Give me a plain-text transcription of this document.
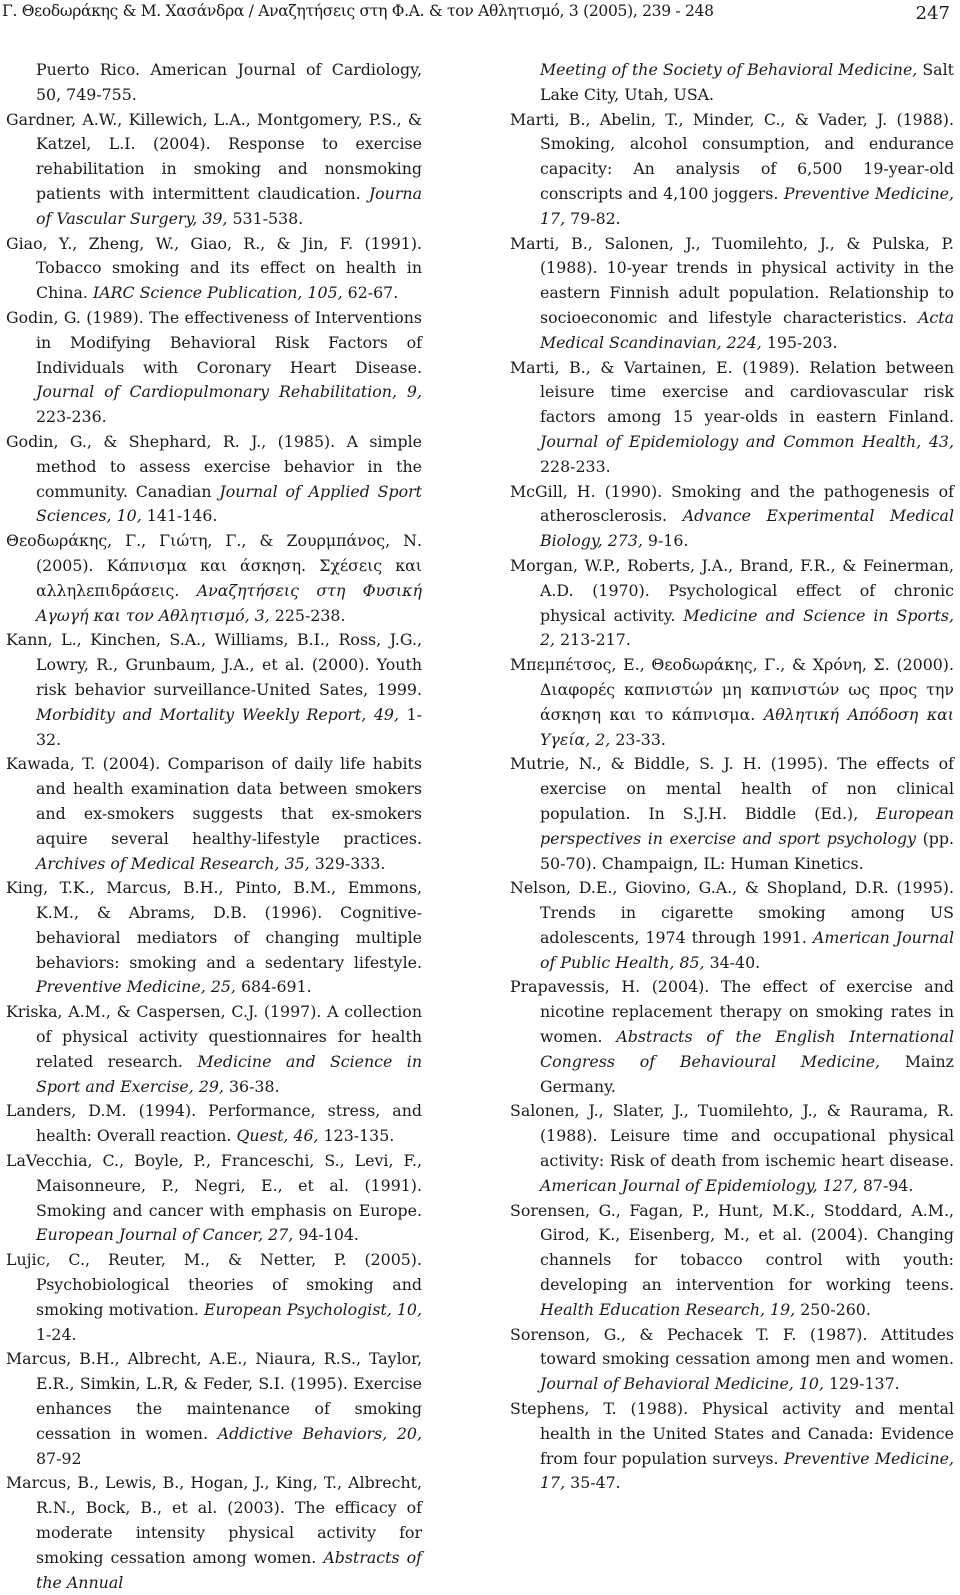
Γ. Θεοδωράκης & Μ. Χασάνδρα / Αναζητήσεις στη Φ.Α. & τον Αθλητισμό, 3 (2005), 239 - 248	247

Puerto Rico. American Journal of Cardiology, 50, 749-755.

Gardner, A.W., Killewich, L.A., Montgomery, P.S., & Katzel, L.I. (2004). Response to exercise rehabilitation in smoking and nonsmoking patients with intermittent claudication. Journa of Vascular Surgery, 39, 531-538.

Giao, Y., Zheng, W., Giao, R., & Jin, F. (1991). Tobacco smoking and its effect on health in China. IARC Science Publication, 105, 62-67.

Godin, G. (1989). The effectiveness of Interventions in Modifying Behavioral Risk Factors of Individuals with Coronary Heart Disease. Journal of Cardiopulmonary Rehabilitation, 9, 223-236.

Godin, G., & Shephard, R. J., (1985). A simple method to assess exercise behavior in the community. Canadian Journal of Applied Sport Sciences, 10, 141-146.

Θεοδωράκης, Γ., Γιώτη, Γ., & Ζουρμπάνος, Ν. (2005). Κάπνισμα και άσκηση. Σχέσεις και αλληλεπιδράσεις. Αναζητήσεις στη Φυσική Αγωγή και τον Αθλητισμό, 3, 225-238.

Kann, L., Kinchen, S.A., Williams, B.I., Ross, J.G., Lowry, R., Grunbaum, J.A., et al. (2000). Youth risk behavior surveillance-United Sates, 1999. Morbidity and Mortality Weekly Report, 49, 1-32.

Kawada, T. (2004). Comparison of daily life habits and health examination data between smokers and ex-smokers suggests that ex-smokers aquire several healthy-lifestyle practices. Archives of Medical Research, 35, 329-333.

King, T.K., Marcus, B.H., Pinto, B.M., Emmons, K.M., & Abrams, D.B. (1996). Cognitive-behavioral mediators of changing multiple behaviors: smoking and a sedentary lifestyle. Preventive Medicine, 25, 684-691.

Kriska, A.M., & Caspersen, C.J. (1997). A collection of physical activity questionnaires for health related research. Medicine and Science in Sport and Exercise, 29, 36-38.

Landers, D.M. (1994). Performance, stress, and health: Overall reaction. Quest, 46, 123-135.

LaVecchia, C., Boyle, P., Franceschi, S., Levi, F., Maisonneure, P., Negri, E., et al. (1991). Smoking and cancer with emphasis on Europe. European Journal of Cancer, 27, 94-104.

Lujic, C., Reuter, M., & Netter, P. (2005). Psychobiological theories of smoking and smoking motivation. European Psychologist, 10, 1-24.

Marcus, B.H., Albrecht, A.E., Niaura, R.S., Taylor, E.R., Simkin, L.R, & Feder, S.I. (1995). Exercise enhances the maintenance of smoking cessation in women. Addictive Behaviors, 20, 87-92

Marcus, B., Lewis, B., Hogan, J., King, T., Albrecht, R.N., Bock, B., et al. (2003). The efficacy of moderate intensity physical activity for smoking cessation among women. Abstracts of the Annual

Meeting of the Society of Behavioral Medicine, Salt Lake City, Utah, USA.

Marti, B., Abelin, T., Minder, C., & Vader, J. (1988). Smoking, alcohol consumption, and endurance capacity: An analysis of 6,500 19-year-old conscripts and 4,100 joggers. Preventive Medicine, 17, 79-82.

Marti, B., Salonen, J., Tuomilehto, J., & Pulska, P. (1988). 10-year trends in physical activity in the eastern Finnish adult population. Relationship to socioeconomic and lifestyle characteristics. Acta Medical Scandinavian, 224, 195-203.

Marti, B., & Vartainen, E. (1989). Relation between leisure time exercise and cardiovascular risk factors among 15 year-olds in eastern Finland. Journal of Epidemiology and Common Health, 43, 228-233.

McGill, H. (1990). Smoking and the pathogenesis of atherosclerosis. Advance Experimental Medical Biology, 273, 9-16.

Morgan, W.P., Roberts, J.A., Brand, F.R., & Feinerman, A.D. (1970). Psychological effect of chronic physical activity. Medicine and Science in Sports, 2, 213-217.

Μπεμπέτσος, Ε., Θεοδωράκης, Γ., & Χρόνη, Σ. (2000). Διαφορές καπνιστών μη καπνιστών ως προς την άσκηση και το κάπνισμα. Αθλητική Απόδοση και Υγεία, 2, 23-33.

Mutrie, N., & Biddle, S. J. H. (1995). The effects of exercise on mental health of non clinical population. In S.J.H. Biddle (Ed.), European perspectives in exercise and sport psychology (pp. 50-70). Champaign, IL: Human Kinetics.

Nelson, D.E., Giovino, G.A., & Shopland, D.R. (1995). Trends in cigarette smoking among US adolescents, 1974 through 1991. American Journal of Public Health, 85, 34-40.

Prapavessis, H. (2004). The effect of exercise and nicotine replacement therapy on smoking rates in women. Abstracts of the English International Congress of Behavioural Medicine, Mainz Germany.

Salonen, J., Slater, J., Tuomilehto, J., & Raurama, R. (1988). Leisure time and occupational physical activity: Risk of death from ischemic heart disease. American Journal of Epidemiology, 127, 87-94.

Sorensen, G., Fagan, P., Hunt, M.K., Stoddard, A.M., Girod, K., Eisenberg, M., et al. (2004). Changing channels for tobacco control with youth: developing an intervention for working teens. Health Education Research, 19, 250-260.

Sorenson, G., & Pechacek T. F. (1987). Attitudes toward smoking cessation among men and women. Journal of Behavioral Medicine, 10, 129-137.

Stephens, T. (1988). Physical activity and mental health in the United States and Canada: Evidence from four population surveys. Preventive Medicine, 17, 35-47.
